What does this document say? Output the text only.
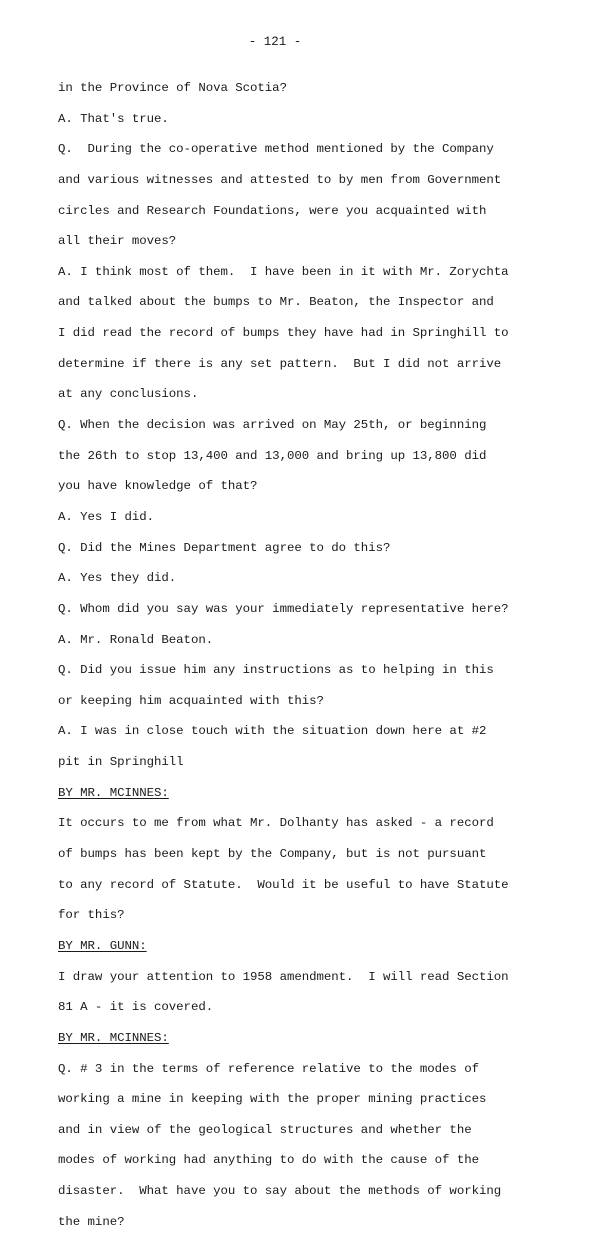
- 121 -
in the Province of Nova Scotia?
A. That's true.
Q.  During the co-operative method mentioned by the Company
and various witnesses and attested to by men from Government
circles and Research Foundations, were you acquainted with
all their moves?
A. I think most of them.  I have been in it with Mr. Zorychta
and talked about the bumps to Mr. Beaton, the Inspector and
I did read the record of bumps they have had in Springhill to
determine if there is any set pattern.  But I did not arrive
at any conclusions.
Q. When the decision was arrived on May 25th, or beginning
the 26th to stop 13,400 and 13,000 and bring up 13,800 did
you have knowledge of that?
A. Yes I did.
Q. Did the Mines Department agree to do this?
A. Yes they did.
Q. Whom did you say was your immediately representative here?
A. Mr. Ronald Beaton.
Q. Did you issue him any instructions as to helping in this
or keeping him acquainted with this?
A. I was in close touch with the situation down here at #2
pit in Springhill
BY MR. MCINNES:
It occurs to me from what Mr. Dolhanty has asked - a record
of bumps has been kept by the Company, but is not pursuant
to any record of Statute.  Would it be useful to have Statute
for this?
BY MR. GUNN:
I draw your attention to 1958 amendment.  I will read Section
81 A - it is covered.
BY MR. MCINNES:
Q. # 3 in the terms of reference relative to the modes of
working a mine in keeping with the proper mining practices
and in view of the geological structures and whether the
modes of working had anything to do with the cause of the
disaster.  What have you to say about the methods of working
the mine?
